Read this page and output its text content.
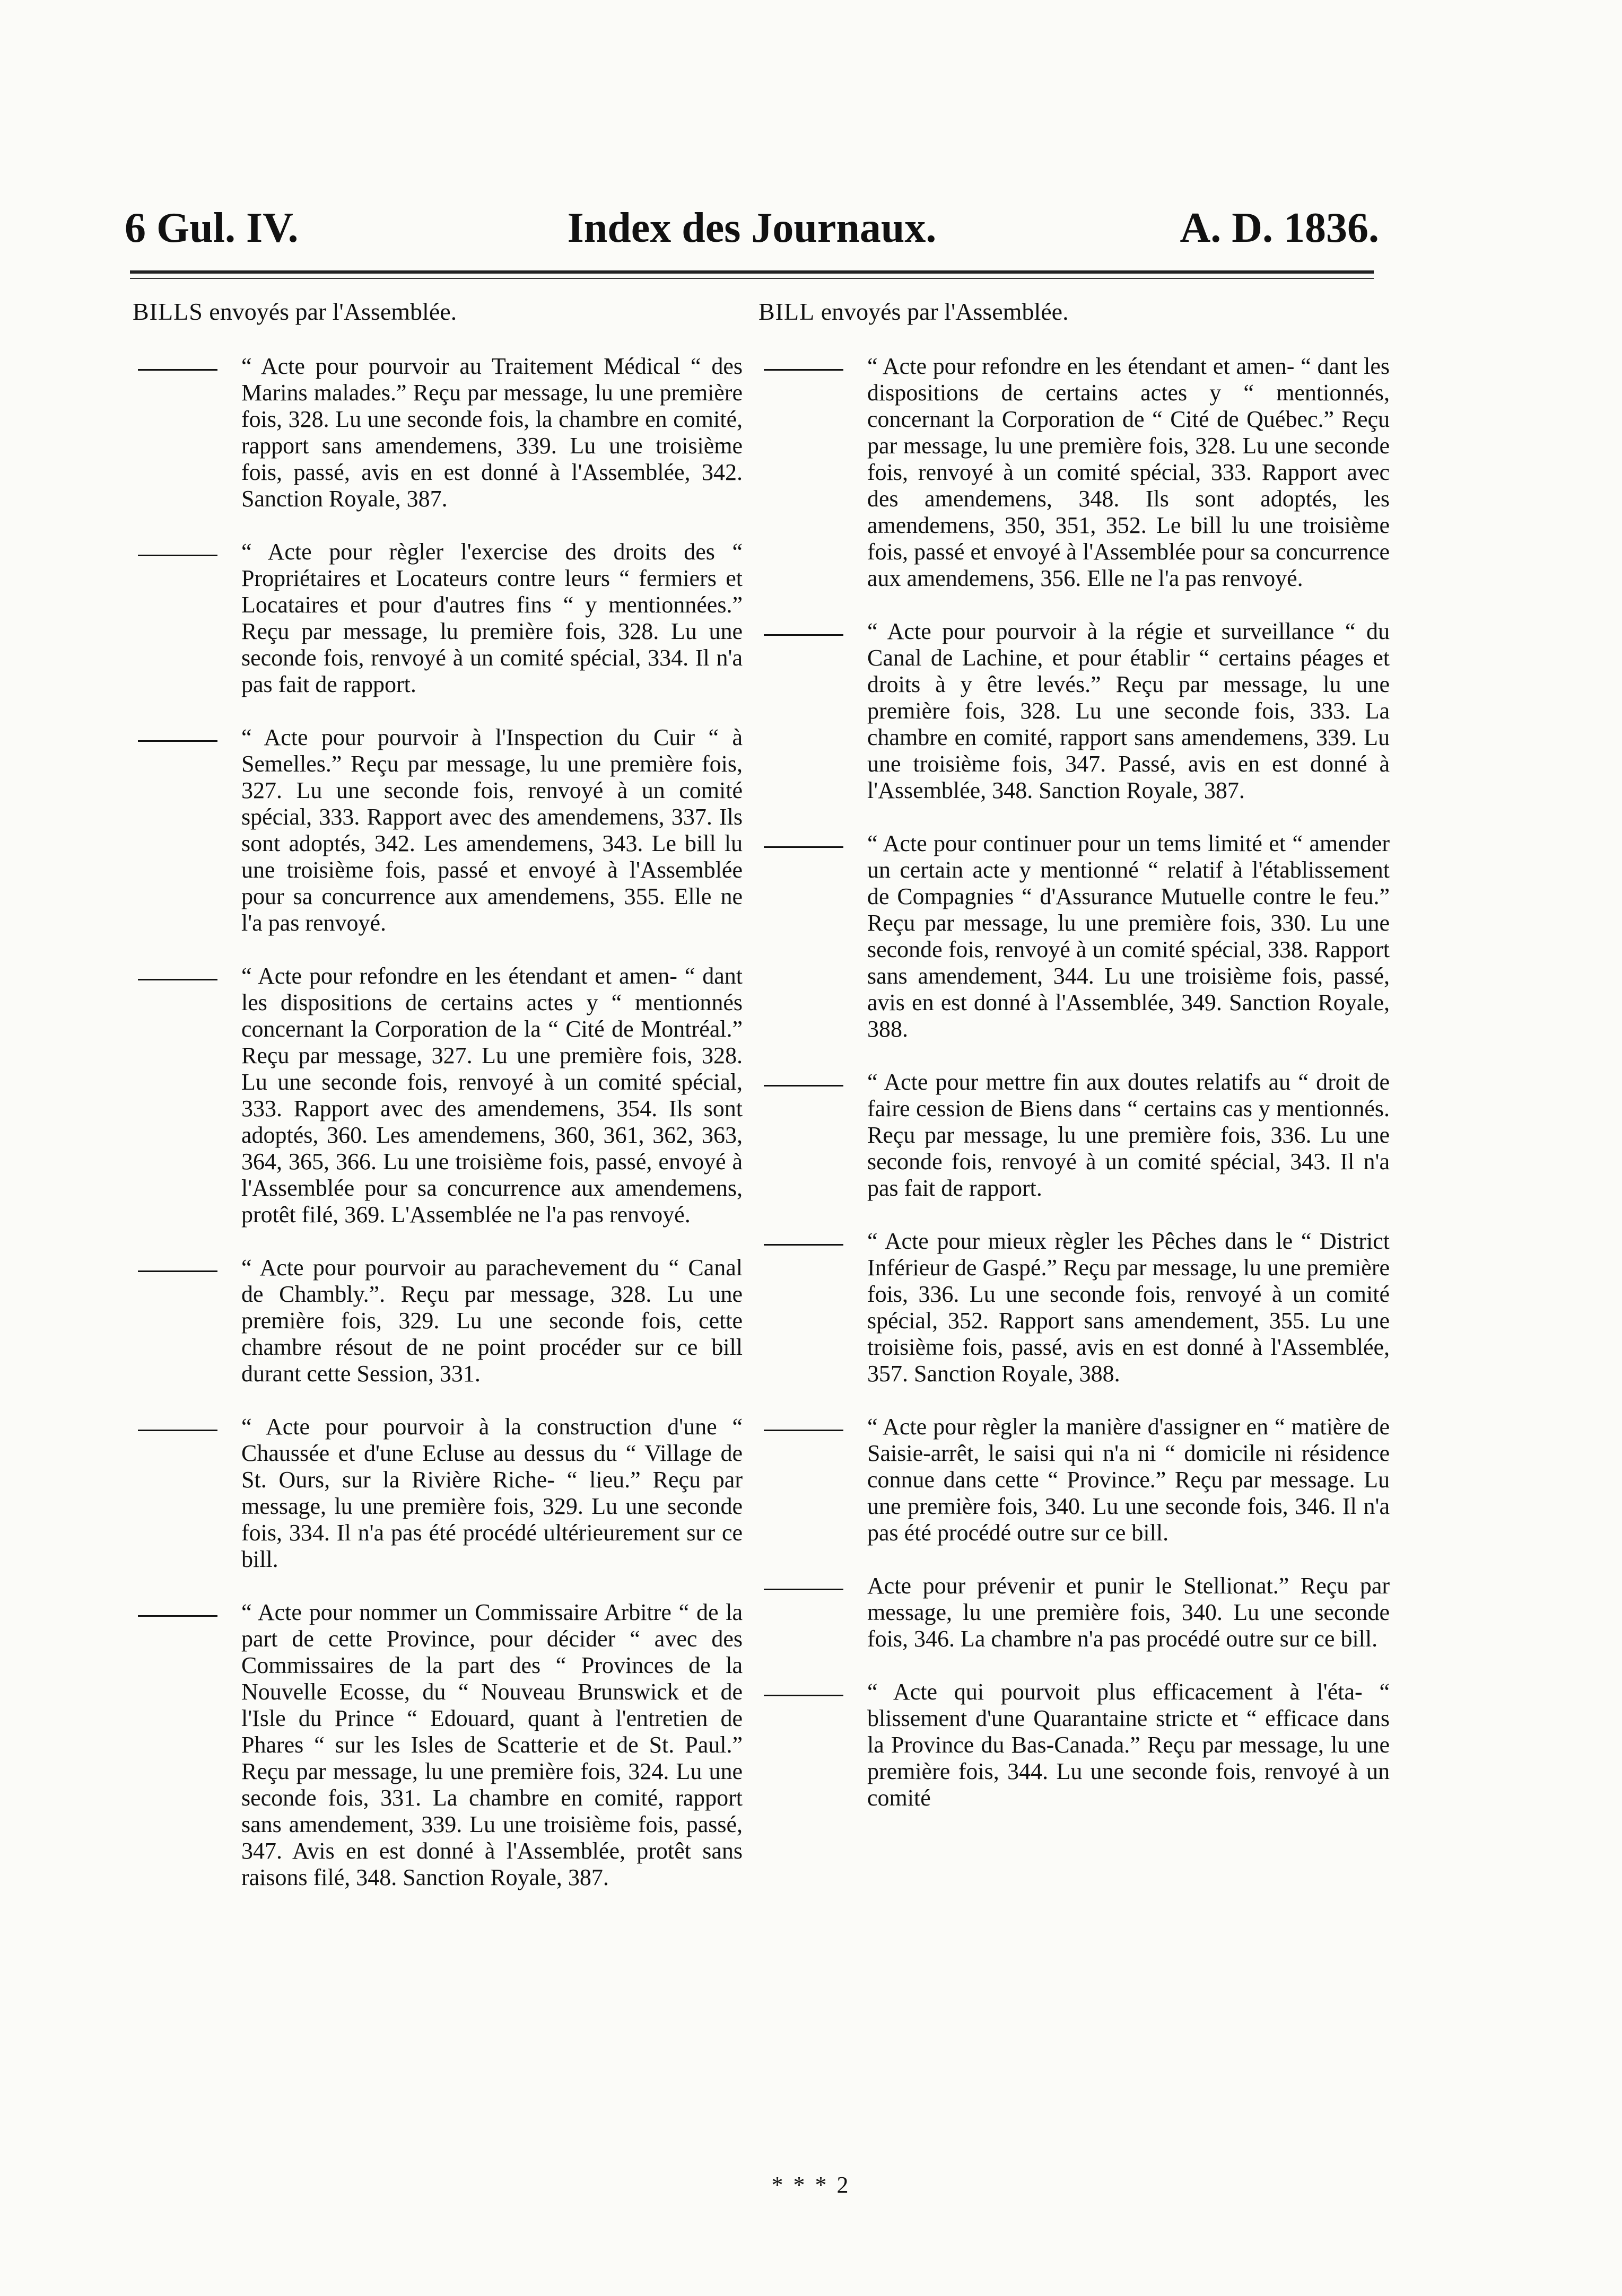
6 Gul. IV.	Index des Journaux.	A. D. 1836.
BILLS envoyés par l'Assemblée.
“ Acte pour pourvoir au Traitement Médical “ des Marins malades.” Reçu par message, lu une première fois, 328. Lu une seconde fois, la chambre en comité, rapport sans amendemens, 339. Lu une troisième fois, passé, avis en est donné à l'Assemblée, 342. Sanction Royale, 387.
“ Acte pour règler l'exercise des droits des “ Propriétaires et Locateurs contre leurs “ fermiers et Locataires et pour d'autres fins “ y mentionnées.” Reçu par message, lu première fois, 328. Lu une seconde fois, renvoyé à un comité spécial, 334. Il n'a pas fait de rapport.
“ Acte pour pourvoir à l'Inspection du Cuir “ à Semelles.” Reçu par message, lu une première fois, 327. Lu une seconde fois, renvoyé à un comité spécial, 333. Rapport avec des amendemens, 337. Ils sont adoptés, 342. Les amendemens, 343. Le bill lu une troisième fois, passé et envoyé à l'Assemblée pour sa concurrence aux amendemens, 355. Elle ne l'a pas renvoyé.
“ Acte pour refondre en les étendant et amen- “ dant les dispositions de certains actes y “ mentionnés concernant la Corporation de la “ Cité de Montréal.” Reçu par message, 327. Lu une première fois, 328. Lu une seconde fois, renvoyé à un comité spécial, 333. Rapport avec des amendemens, 354. Ils sont adoptés, 360. Les amendemens, 360, 361, 362, 363, 364, 365, 366. Lu une troisième fois, passé, envoyé à l'Assemblée pour sa concurrence aux amendemens, protêt filé, 369. L'Assemblée ne l'a pas renvoyé.
“ Acte pour pourvoir au parachevement du “ Canal de Chambly.”. Reçu par message, 328. Lu une première fois, 329. Lu une seconde fois, cette chambre résout de ne point procéder sur ce bill durant cette Session, 331.
“ Acte pour pourvoir à la construction d'une “ Chaussée et d'une Ecluse au dessus du “ Village de St. Ours, sur la Rivière Riche- “ lieu.” Reçu par message, lu une première fois, 329. Lu une seconde fois, 334. Il n'a pas été procédé ultérieurement sur ce bill.
“ Acte pour nommer un Commissaire Arbitre “ de la part de cette Province, pour décider “ avec des Commissaires de la part des “ Provinces de la Nouvelle Ecosse, du “ Nouveau Brunswick et de l'Isle du Prince “ Edouard, quant à l'entretien de Phares “ sur les Isles de Scatterie et de St. Paul.” Reçu par message, lu une première fois, 324. Lu une seconde fois, 331. La chambre en comité, rapport sans amendement, 339. Lu une troisième fois, passé, 347. Avis en est donné à l'Assemblée, protêt sans raisons filé, 348. Sanction Royale, 387.
BILL envoyés par l'Assemblée.
“ Acte pour refondre en les étendant et amen- “ dant les dispositions de certains actes y “ mentionnés, concernant la Corporation de “ Cité de Québec.” Reçu par message, lu une première fois, 328. Lu une seconde fois, renvoyé à un comité spécial, 333. Rapport avec des amendemens, 348. Ils sont adoptés, les amendemens, 350, 351, 352. Le bill lu une troisième fois, passé et envoyé à l'Assemblée pour sa concurrence aux amendemens, 356. Elle ne l'a pas renvoyé.
“ Acte pour pourvoir à la régie et surveillance “ du Canal de Lachine, et pour établir “ certains péages et droits à y être levés.” Reçu par message, lu une première fois, 328. Lu une seconde fois, 333. La chambre en comité, rapport sans amendemens, 339. Lu une troisième fois, 347. Passé, avis en est donné à l'Assemblée, 348. Sanction Royale, 387.
“ Acte pour continuer pour un tems limité et “ amender un certain acte y mentionné “ relatif à l'établissement de Compagnies “ d'Assurance Mutuelle contre le feu.” Reçu par message, lu une première fois, 330. Lu une seconde fois, renvoyé à un comité spécial, 338. Rapport sans amendement, 344. Lu une troisième fois, passé, avis en est donné à l'Assemblée, 349. Sanction Royale, 388.
“ Acte pour mettre fin aux doutes relatifs au “ droit de faire cession de Biens dans “ certains cas y mentionnés. Reçu par message, lu une première fois, 336. Lu une seconde fois, renvoyé à un comité spécial, 343. Il n'a pas fait de rapport.
“ Acte pour mieux règler les Pêches dans le “ District Inférieur de Gaspé.” Reçu par message, lu une première fois, 336. Lu une seconde fois, renvoyé à un comité spécial, 352. Rapport sans amendement, 355. Lu une troisième fois, passé, avis en est donné à l'Assemblée, 357. Sanction Royale, 388.
“ Acte pour règler la manière d'assigner en “ matière de Saisie-arrêt, le saisi qui n'a ni “ domicile ni résidence connue dans cette “ Province.” Reçu par message. Lu une première fois, 340. Lu une seconde fois, 346. Il n'a pas été procédé outre sur ce bill.
Acte pour prévenir et punir le Stellionat.” Reçu par message, lu une première fois, 340. Lu une seconde fois, 346. La chambre n'a pas procédé outre sur ce bill.
“ Acte qui pourvoit plus efficacement à l'éta- “ blissement d'une Quarantaine stricte et “ efficace dans la Province du Bas-Canada.” Reçu par message, lu une première fois, 344. Lu une seconde fois, renvoyé à un comité
* * * 2
